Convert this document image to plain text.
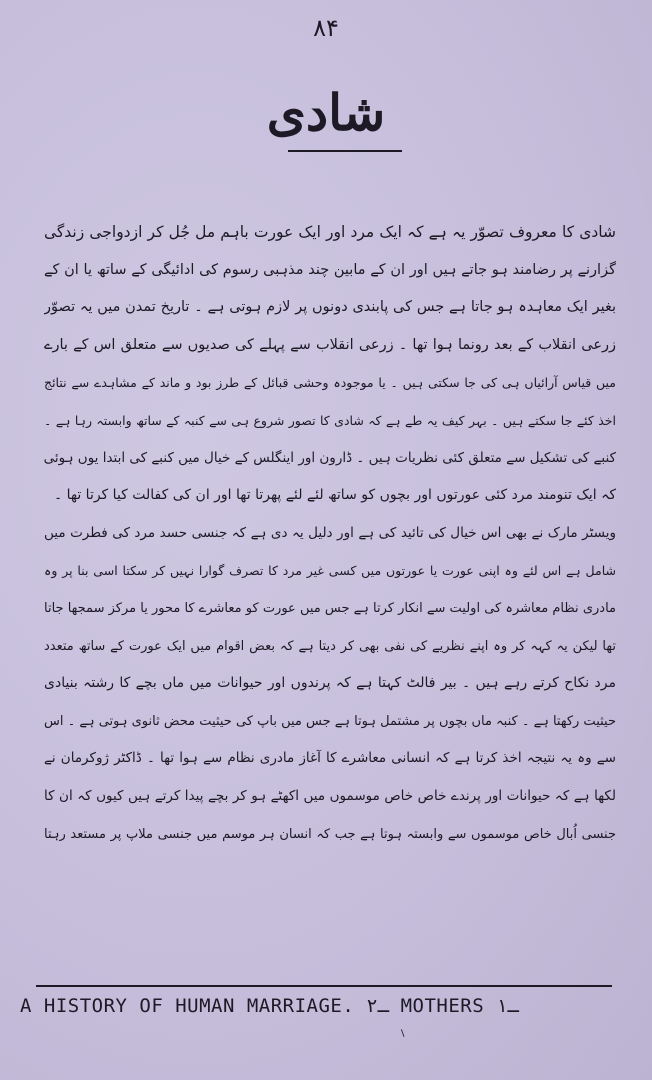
۸۴
شادی
شادی کا معروف تصوّر یہ ہے کہ ایک مرد اور ایک عورت باہم مل جُل کر ازدواجی زندگی
گزارنے پر رضامند ہو جاتے ہیں اور ان کے مابین چند مذہبی رسوم کی ادائیگی کے ساتھ یا ان کے
بغیر ایک معاہدہ ہو جاتا ہے جس کی پابندی دونوں پر لازم ہوتی ہے ۔ تاریخ تمدن میں یہ تصوّر
زرعی انقلاب کے بعد رونما ہوا تھا ۔ زرعی انقلاب سے پہلے کی صدیوں سے متعلق اس کے بارے
میں قیاس آرائیاں ہی کی جا سکتی ہیں ۔ یا موجودہ وحشی قبائل کے طرز بود و ماند کے مشاہدے سے نتائج
اخذ کئے جا سکتے ہیں ۔ بہر کیف یہ طے ہے کہ شادی کا تصور شروع ہی سے کنبہ کے ساتھ وابستہ رہا ہے ۔
کنبے کی تشکیل سے متعلق کئی نظریات ہیں ۔ ڈارون اور اینگلس کے خیال میں کنبے کی ابتدا یوں ہوئی
کہ ایک تنومند مرد کئی عورتوں اور بچوں کو ساتھ لئے لئے پھرتا تھا اور ان کی کفالت کیا کرتا تھا ۔
ویسٹر مارک نے بھی اس خیال کی تائید کی ہے اور دلیل یہ دی ہے کہ جنسی حسد مرد کی فطرت میں
شامل ہے اس لئے وہ اپنی عورت یا عورتوں میں کسی غیر مرد کا تصرف گوارا نہیں کر سکتا اسی بنا پر وہ
مادری نظام معاشرہ کی اولیت سے انکار کرتا ہے جس میں عورت کو معاشرے کا محور یا مرکز سمجھا جاتا
تھا لیکن یہ کہہ کر وہ اپنے نظریے کی نفی بھی کر دیتا ہے کہ بعض اقوام میں ایک عورت کے ساتھ متعدد
مرد نکاح کرتے رہے ہیں ۔ بیر فالٹ کہتا ہے کہ پرندوں اور حیوانات میں ماں بچے کا رشتہ بنیادی
حیثیت رکھتا ہے ۔ کنبہ ماں بچوں پر مشتمل ہوتا ہے جس میں باپ کی حیثیت محض ثانوی ہوتی ہے ۔ اس
سے وہ یہ نتیجہ اخذ کرتا ہے کہ انسانی معاشرے کا آغاز مادری نظام سے ہوا تھا ۔ ڈاکٹر ژوکرمان نے
لکھا ہے کہ حیوانات اور پرندے خاص خاص موسموں میں اکھٹے ہو کر بچے پیدا کرتے ہیں کیوں کہ ان کا
جنسی اُبال خاص موسموں سے وابستہ ہوتا ہے جب کہ انسان ہر موسم میں جنسی ملاپ پر مستعد رہتا
A HISTORY OF HUMAN MARRIAGE. ۲ـ MOTHERS ۱ـ
